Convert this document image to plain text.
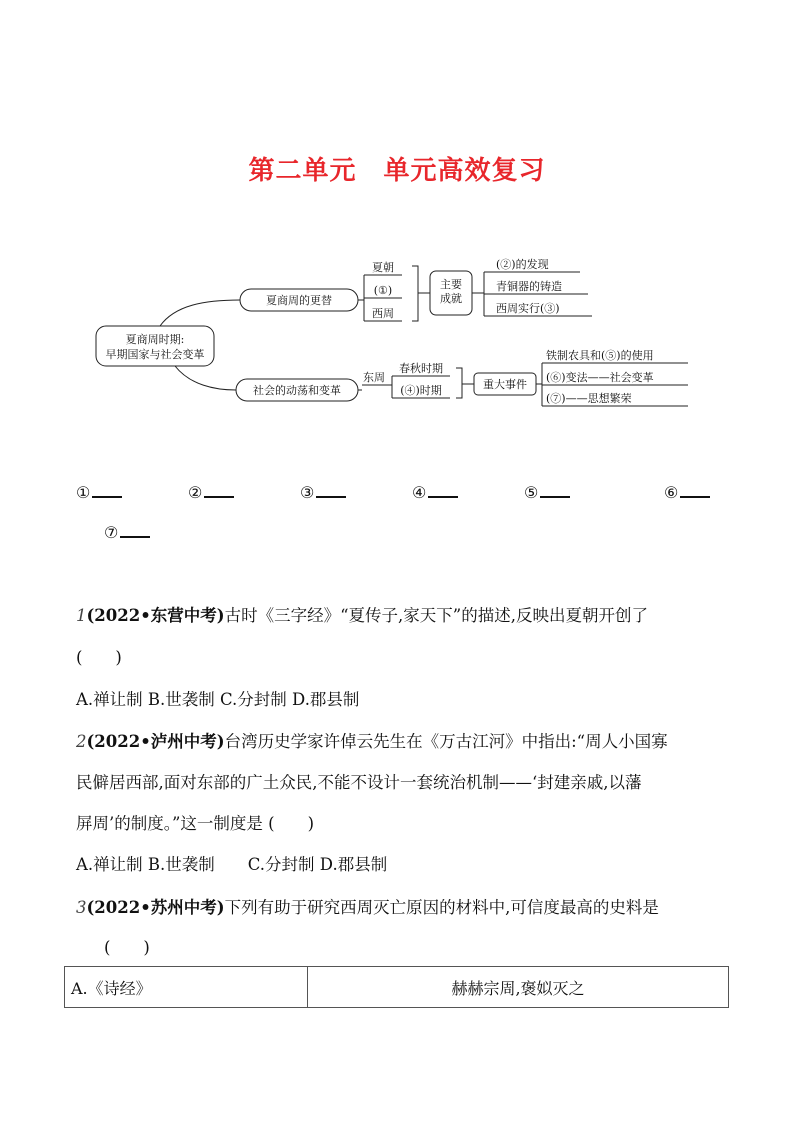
第二单元　单元高效复习
夏商周时期:
早期国家与社会变革
夏商周的更替
社会的动荡和变革
夏朝
(①)
西周
主要
成就
(②)的发现
青铜器的铸造
西周实行(③)
东周
春秋时期
(④)时期	重大事件
铁制农具和(⑤)的使用
(⑥)变法——社会变革
(⑦)——思想繁荣
①	②	③	④	⑤	⑥
⑦
1(2022•东营中考)古时《三字经》“夏传子,家天下”的描述,反映出夏朝开创了
(　　)
A.禅让制 B.世袭制 C.分封制 D.郡县制
2(2022•泸州中考)台湾历史学家许倬云先生在《万古江河》中指出:“周人小国寡
民僻居西部,面对东部的广土众民,不能不设计一套统治机制——‘封建亲戚,以藩
屏周’的制度。”这一制度是 (　　)
A.禅让制 B.世袭制　　C.分封制 D.郡县制
3(2022•苏州中考)下列有助于研究西周灭亡原因的材料中,可信度最高的史料是
(　　)
A.《诗经》	赫赫宗周,褒姒灭之
